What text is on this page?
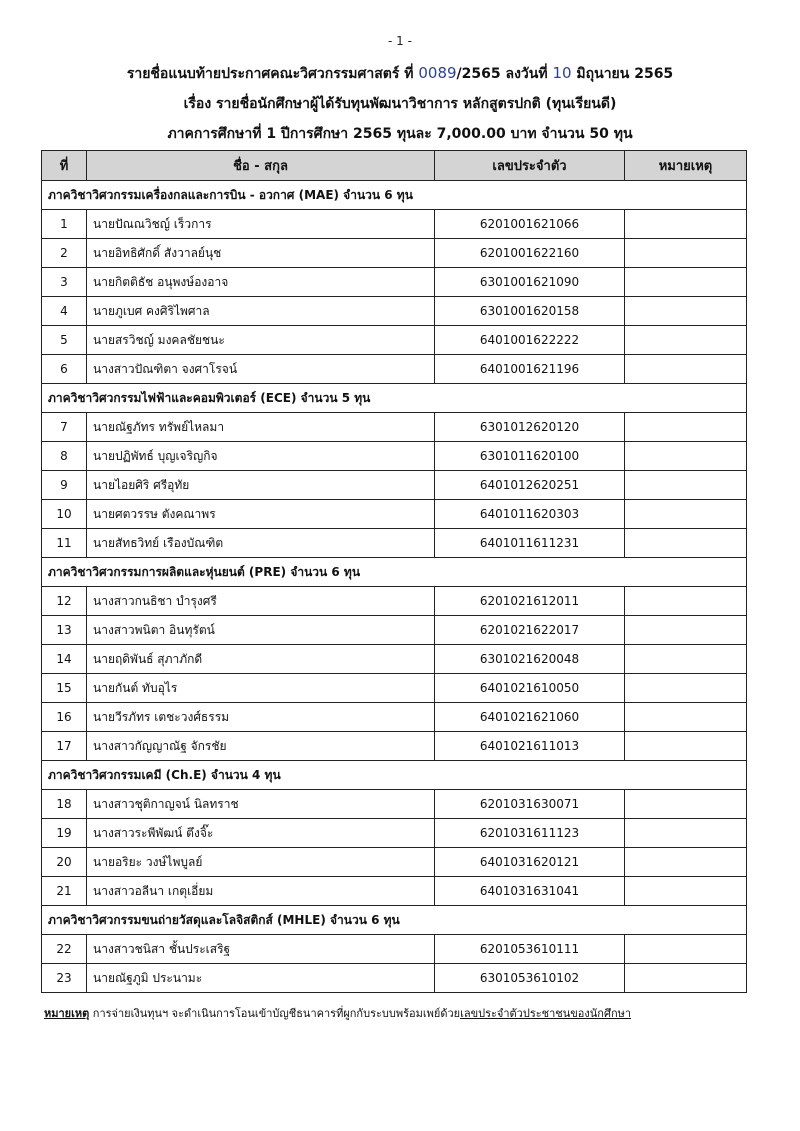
- 1 -
รายชื่อแนบท้ายประกาศคณะวิศวกรรมศาสตร์ ที่ 0089/2565 ลงวันที่ 10 มิถุนายน 2565
เรื่อง รายชื่อนักศึกษาผู้ได้รับทุนพัฒนาวิชาการ หลักสูตรปกติ (ทุนเรียนดี)
ภาคการศึกษาที่ 1 ปีการศึกษา 2565 ทุนละ 7,000.00 บาท จำนวน 50 ทุน
ที่	ชื่อ - สกุล	เลขประจำตัว	หมายเหตุ
ภาควิชาวิศวกรรมเครื่องกลและการบิน - อวกาศ (MAE) จำนวน 6 ทุน			
1	นายปัณณวิชญ์ เร็วการ	6201001621066	
2	นายอิทธิศักดิ์ สังวาลย์นุช	6201001622160	
3	นายกิตติธัช อนุพงษ์องอาจ	6301001621090	
4	นายภูเบศ คงศิริไพศาล	6301001620158	
5	นายสรวิชญ์ มงคลชัยชนะ	6401001622222	
6	นางสาวปัณฑิตา จงศาโรจน์	6401001621196	
ภาควิชาวิศวกรรมไฟฟ้าและคอมพิวเตอร์ (ECE) จำนวน 5 ทุน			
7	นายณัฐภัทร ทรัพย์ไหลมา	6301012620120	
8	นายปฏิพัทธ์ บุญเจริญกิจ	6301011620100	
9	นายไอยศิริ ศรีอุทัย	6401012620251	
10	นายศตวรรษ ตังคณาพร	6401011620303	
11	นายสัทธวิทย์ เรืองบัณฑิต	6401011611231	
ภาควิชาวิศวกรรมการผลิตและหุ่นยนต์ (PRE) จำนวน 6 ทุน			
12	นางสาวกนธิชา บำรุงศรี	6201021612011	
13	นางสาวพนิตา อินทุรัตน์	6201021622017	
14	นายฤดิพันธ์ สุภาภักดี	6301021620048	
15	นายกันต์ ทับอุไร	6401021610050	
16	นายวีรภัทร เตชะวงศ์ธรรม	6401021621060	
17	นางสาวกัญญาณัฐ จักรชัย	6401021611013	
ภาควิชาวิศวกรรมเคมี (Ch.E) จำนวน 4 ทุน			
18	นางสาวชุติกาญจน์ นิลทราช	6201031630071	
19	นางสาวระพีพัฒน์ ตึงจิ๊ะ	6201031611123	
20	นายอริยะ วงษ์ไพบูลย์	6401031620121	
21	นางสาวอลีนา เกตุเอี่ยม	6401031631041	
ภาควิชาวิศวกรรมขนถ่ายวัสดุและโลจิสติกส์ (MHLE) จำนวน 6 ทุน			
22	นางสาวชนิสา ชั้นประเสริฐ	6201053610111	
23	นายณัฐภูมิ ประนามะ	6301053610102	
หมายเหตุ การจ่ายเงินทุนฯ จะดำเนินการโอนเข้าบัญชีธนาคารที่ผูกกับระบบพร้อมเพย์ด้วยเลขประจำตัวประชาชนของนักศึกษา
